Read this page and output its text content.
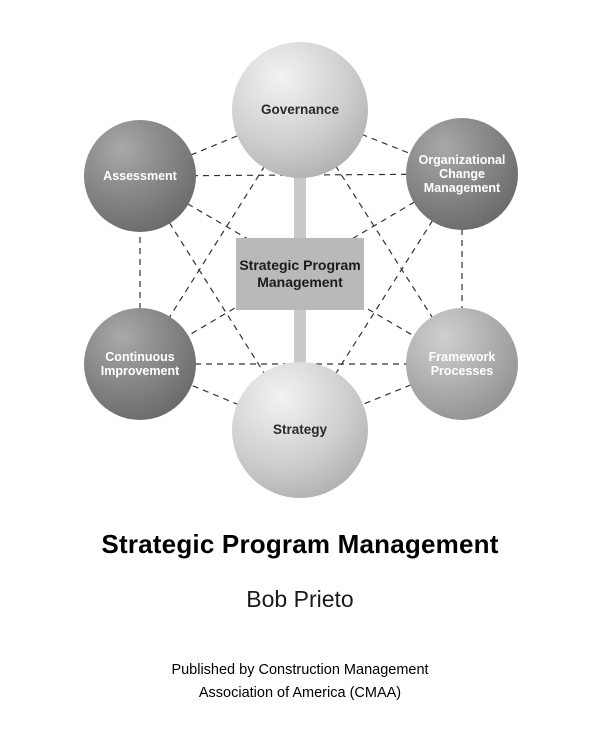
Governance
Organizational Change Management
Framework Processes
Strategy
Continuous Improvement
Assessment
Strategic Program Management
Strategic Program Management
Bob Prieto
Published by Construction Management
Association of America (CMAA)
